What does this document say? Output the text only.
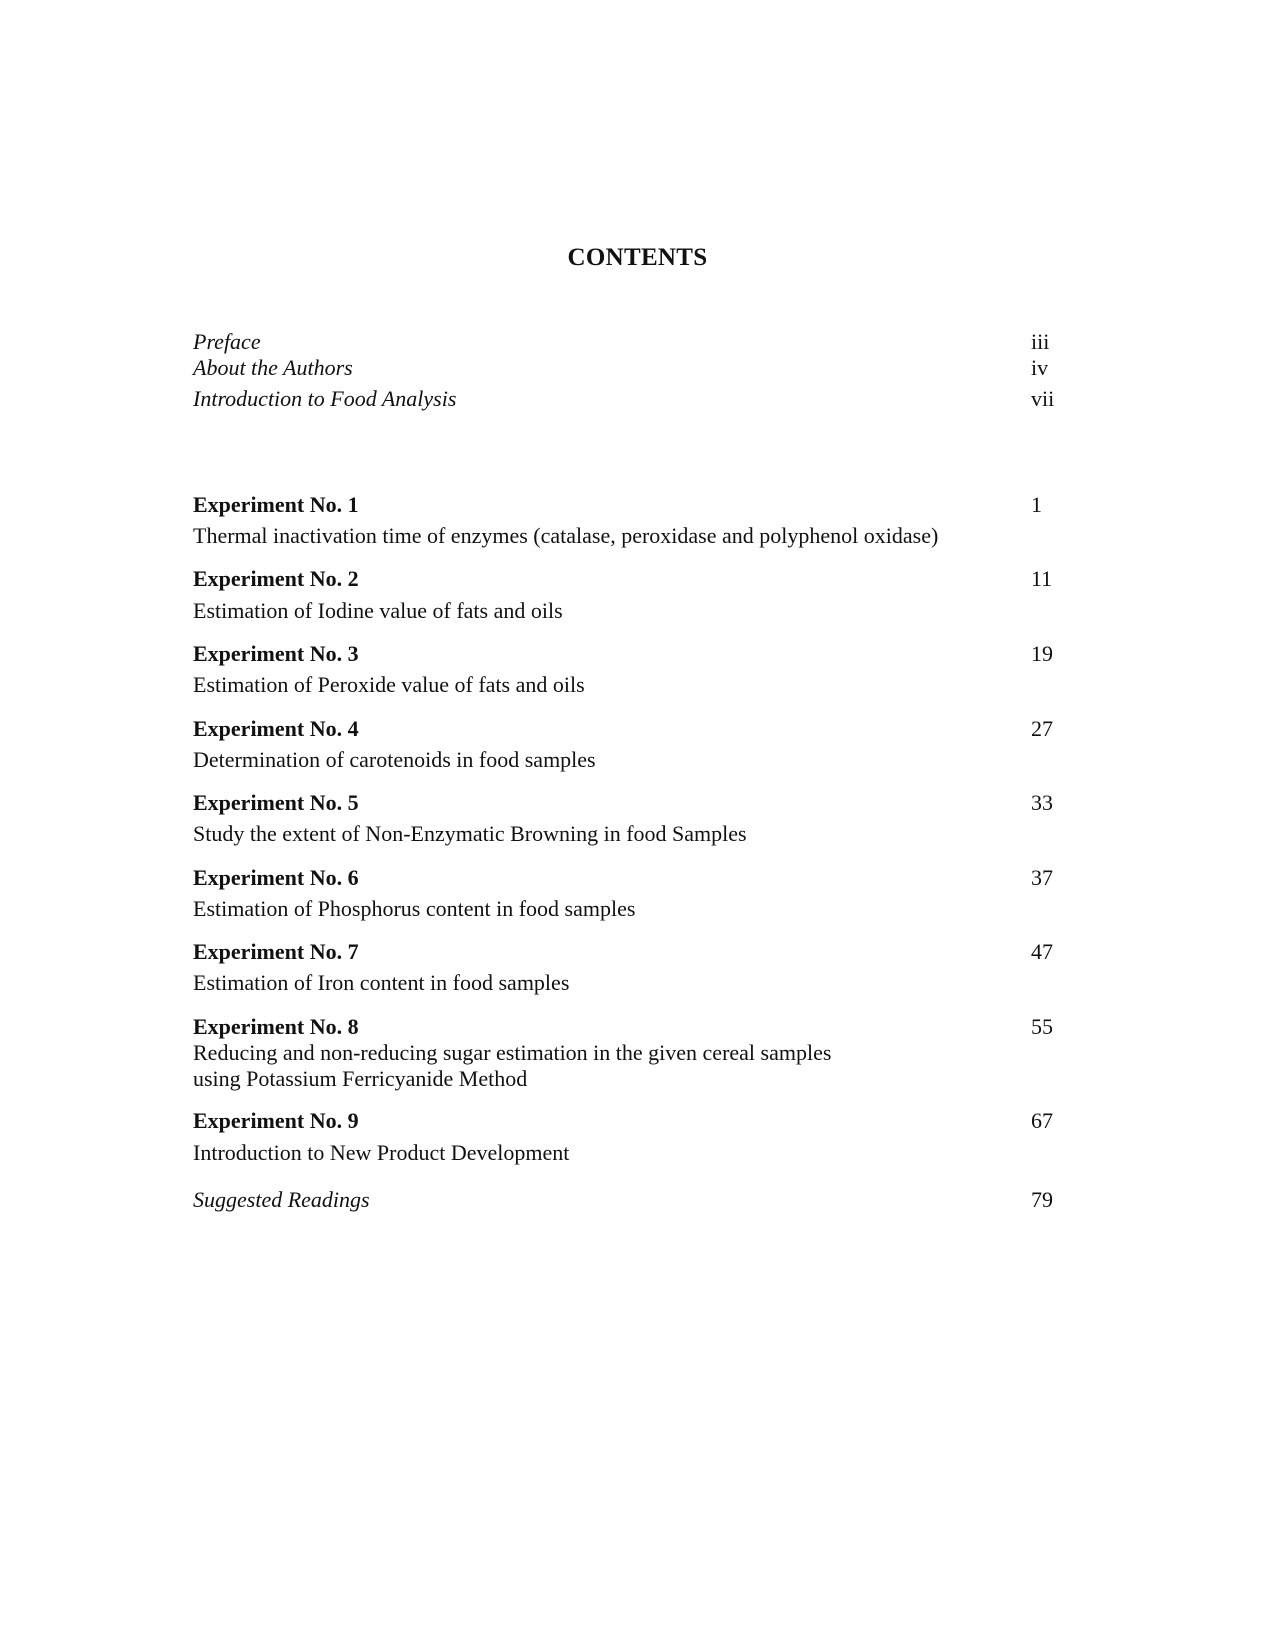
CONTENTS
Preface	iii
About the Authors	iv
Introduction to Food Analysis	vii
Experiment No. 1	1
Thermal inactivation time of enzymes (catalase, peroxidase and polyphenol oxidase)
Experiment No. 2	11
Estimation of Iodine value of fats and oils
Experiment No. 3	19
Estimation of Peroxide value of fats and oils
Experiment No. 4	27
Determination of carotenoids in food samples
Experiment No. 5	33
Study the extent of Non-Enzymatic Browning in food Samples
Experiment No. 6	37
Estimation of Phosphorus content in food samples
Experiment No. 7	47
Estimation of Iron content in food samples
Experiment No. 8	55
Reducing and non-reducing sugar estimation in the given cereal samples
using Potassium Ferricyanide Method
Experiment No. 9	67
Introduction to New Product Development
Suggested Readings	79
